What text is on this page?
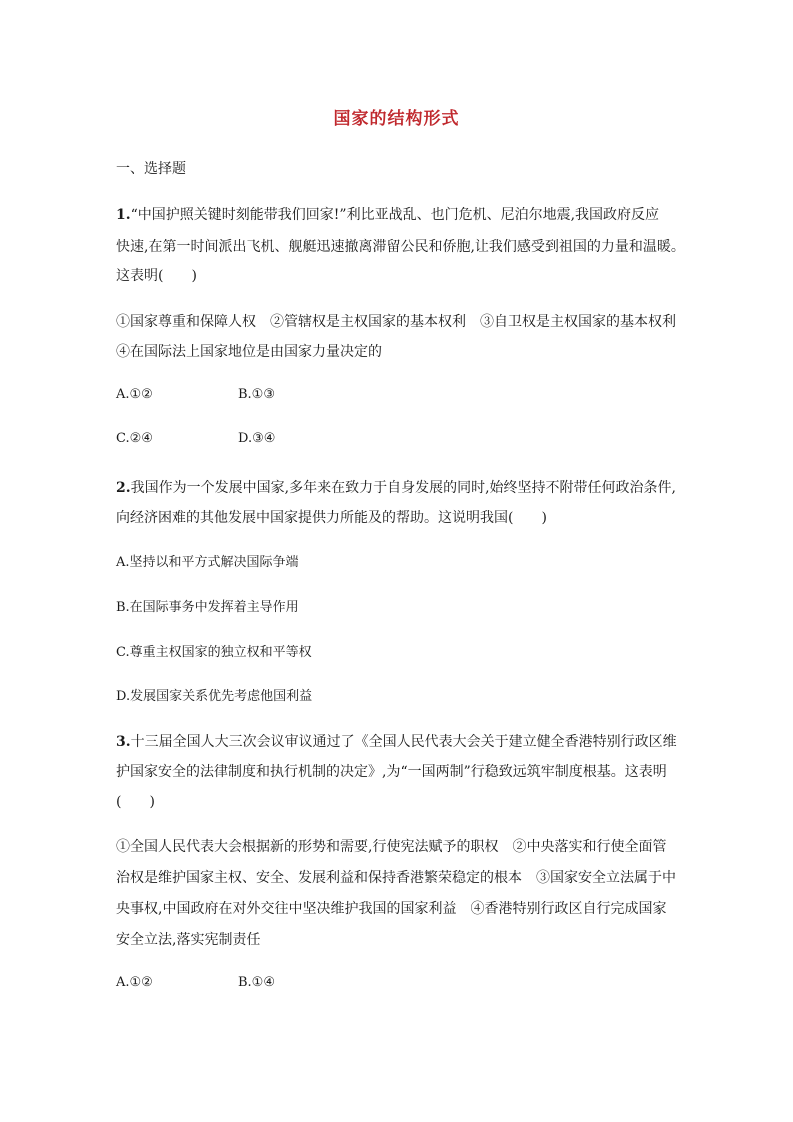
国家的结构形式
一、选择题
1.“中国护照关键时刻能带我们回家!”利比亚战乱、也门危机、尼泊尔地震,我国政府反应
快速,在第一时间派出飞机、舰艇迅速撤离滞留公民和侨胞,让我们感受到祖国的力量和温暖。
这表明(　　)
①国家尊重和保障人权　②管辖权是主权国家的基本权利　③自卫权是主权国家的基本权利
④在国际法上国家地位是由国家力量决定的
A.①②	B.①③
C.②④	D.③④
2.我国作为一个发展中国家,多年来在致力于自身发展的同时,始终坚持不附带任何政治条件,
向经济困难的其他发展中国家提供力所能及的帮助。这说明我国(　　)
A.坚持以和平方式解决国际争端
B.在国际事务中发挥着主导作用
C.尊重主权国家的独立权和平等权
D.发展国家关系优先考虑他国利益
3.十三届全国人大三次会议审议通过了《全国人民代表大会关于建立健全香港特别行政区维
护国家安全的法律制度和执行机制的决定》,为“一国两制”行稳致远筑牢制度根基。这表明
(　　)
①全国人民代表大会根据新的形势和需要,行使宪法赋予的职权　②中央落实和行使全面管
治权是维护国家主权、安全、发展利益和保持香港繁荣稳定的根本　③国家安全立法属于中
央事权,中国政府在对外交往中坚决维护我国的国家利益　④香港特别行政区自行完成国家
安全立法,落实宪制责任
A.①②	B.①④
